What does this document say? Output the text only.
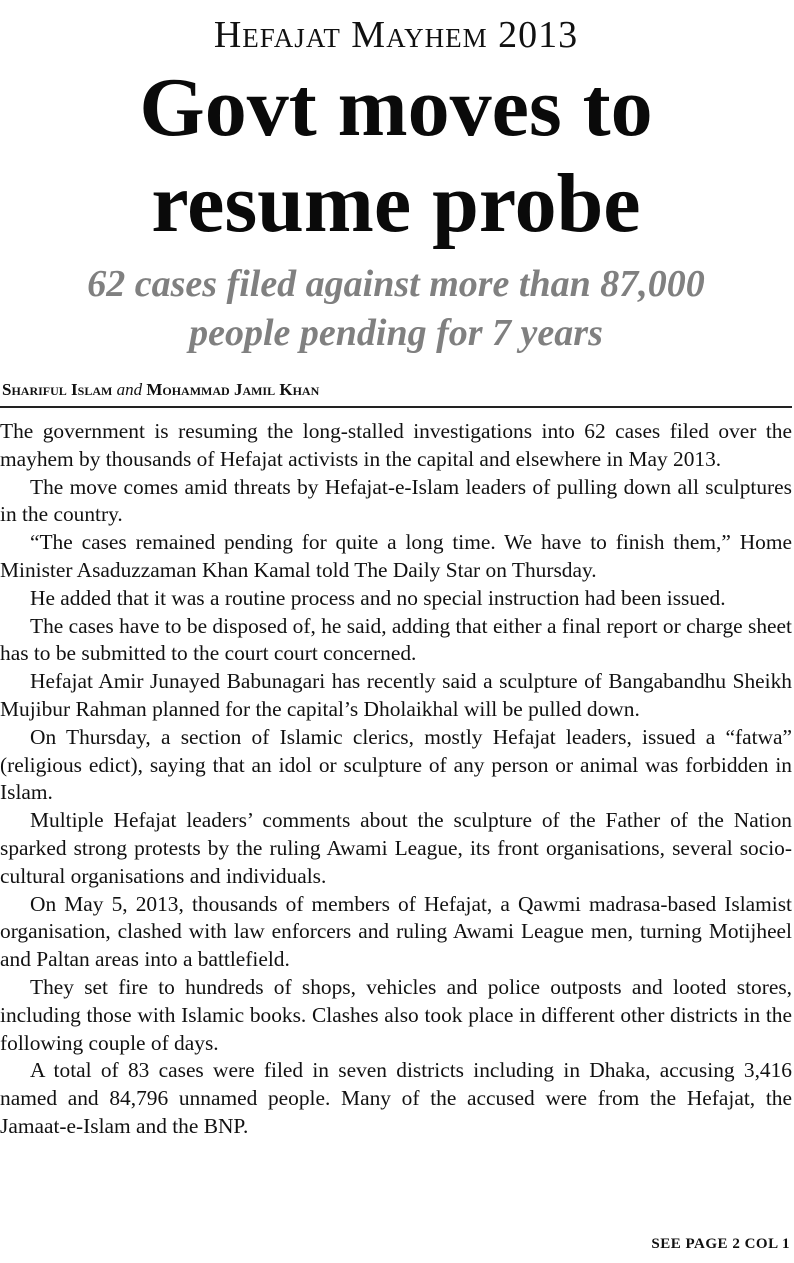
Hefajat Mayhem 2013
Govt moves to
resume probe
62 cases filed against more than 87,000
people pending for 7 years
Shariful Islam and Mohammad Jamil Khan

The government is resuming the long-stalled investigations into 62 cases filed over the mayhem by thousands of Hefajat activists in the capital and elsewhere in May 2013.

The move comes amid threats by Hefajat-e-Islam leaders of pulling down all sculptures in the country.

“The cases remained pending for quite a long time. We have to finish them,” Home Minister Asaduzzaman Khan Kamal told The Daily Star on Thursday.

He added that it was a routine process and no special instruction had been issued.

The cases have to be disposed of, he said, adding that either a final report or charge sheet has to be submitted to the court court concerned.

Hefajat Amir Junayed Babunagari has recently said a sculpture of Bangabandhu Sheikh Mujibur Rahman planned for the capital’s Dholaikhal will be pulled down.

On Thursday, a section of Islamic clerics, mostly Hefajat leaders, issued a “fatwa” (religious edict), saying that an idol or sculpture of any person or animal was forbidden in Islam.

Multiple Hefajat leaders’ comments about the sculpture of the Father of the Nation sparked strong protests by the ruling Awami League, its front organisations, several socio-cultural organisations and individuals.

On May 5, 2013, thousands of members of Hefajat, a Qawmi madrasa-based Islamist organisation, clashed with law enforcers and ruling Awami League men, turning Motijheel and Paltan areas into a battlefield.

They set fire to hundreds of shops, vehicles and police outposts and looted stores, including those with Islamic books. Clashes also took place in different other districts in the following couple of days.

A total of 83 cases were filed in seven districts including in Dhaka, accusing 3,416 named and 84,796 unnamed people. Many of the accused were from the Hefajat, the Jamaat-e-Islam and the BNP.

SEE PAGE 2 COL 1
